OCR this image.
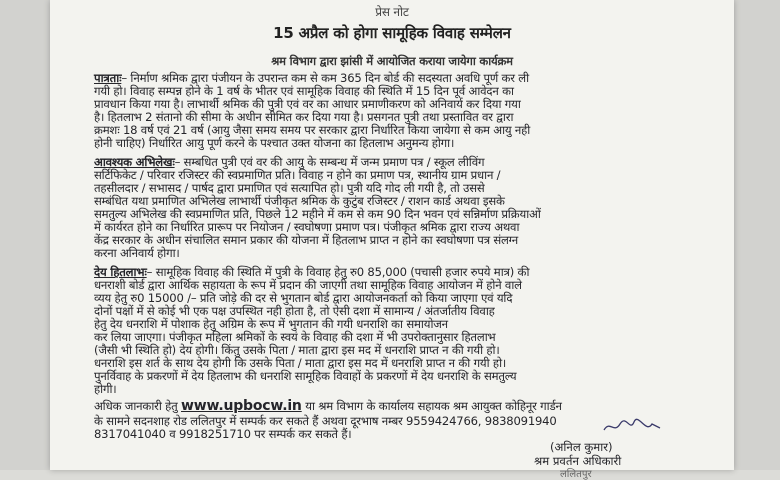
प्रेस नोट
15 अप्रैल को होगा सामूहिक विवाह सम्मेलन
श्रम विभाग द्वारा झांसी में आयोजित कराया जायेगा कार्यक्रम
पात्रताः– निर्माण श्रमिक द्वारा पंजीयन के उपरान्त कम से कम 365 दिन बोर्ड की सदस्यता अवधि पूर्ण कर ली
गयी हो। विवाह सम्पन्न होने के 1 वर्ष के भीतर एवं सामूहिक विवाह की स्थिति में 15 दिन पूर्व आवेदन का
प्रावधान किया गया है। लाभार्थी श्रमिक की पुत्री एवं वर का आधार प्रमाणीकरण को अनिवार्य कर दिया गया
है। हितलाभ 2 संतानो की सीमा के अधीन सीमित कर दिया गया है। प्रसगनत पुत्री तथा प्रस्तावित वर द्वारा
क्रमशः 18 वर्ष एवं 21 वर्ष (आयु जैसा समय समय पर सरकार द्वारा निर्धारित किया जायेगा से कम आयु नही
होनी चाहिए) निर्धारित आयु पूर्ण करने के पश्चात उक्त योजना का हितलाभ अनुमन्य होगा।
आवश्यक अभिलेखः– सम्बधित पुत्री एवं वर की आयु के सम्बन्ध में जन्म प्रमाण पत्र / स्कूल लीविंग
सर्टिफिकेट / परिवार रजिस्टर की स्वप्रमाणित प्रति। विवाह न होने का प्रमाण पत्र, स्थानीय ग्राम प्रधान /
तहसीलदार / सभासद / पार्षद द्वारा प्रमाणित एवं सत्यापित हो। पुत्री यदि गोद ली गयी है, तो उससे
सम्बंधित यथा प्रमाणित अभिलेख लाभार्थी पंजीकृत श्रमिक के कुटुंब रजिस्टर / राशन कार्ड अथवा इसके
समतुल्य अभिलेख की स्वप्रमाणित प्रति, पिछले 12 महीने में कम से कम 90 दिन भवन एवं सन्निर्माण प्रक्रियाओं
में कार्यरत होने का निर्धारित प्रारूप पर नियोजन / स्वघोषणा प्रमाण पत्र। पंजीकृत श्रमिक द्वारा राज्य अथवा
केंद्र सरकार के अधीन संचालित समान प्रकार की योजना में हितलाभ प्राप्त न होने का स्वघोषणा पत्र संलग्न
करना अनिवार्य होगा।
देय हितलाभः– सामूहिक विवाह की स्थिति में पुत्री के विवाह हेतु रु0 85,000 (पचासी हजार रुपये मात्र) की
धनराशी बोर्ड द्वारा आर्थिक सहायता के रूप में प्रदान की जाएगी तथा सामूहिक विवाह आयोजन में होने वाले
व्यय हेतु रु0 15000 /– प्रति जोड़े की दर से भुगतान बोर्ड द्वारा आयोजनकर्ता को किया जाएगा एवं यदि
दोनों पक्षों में से कोई भी एक पक्ष उपस्थित नही होता है, तो ऐसी दशा में सामान्य / अंतर्जातीय विवाह
हेतु देय धनराशि में पोशाक हेतु अग्रिम के रूप में भुगतान की गयी धनराशि का समायोजन
कर लिया जाएगा। पंजीकृत महिला श्रमिकों के स्वयं के विवाह की दशा में भी उपरोक्तानुसार हितलाभ
(जैसी भी स्थिति हो) देय होगी। किंतु उसके पिता / माता द्वारा इस मद में धनराशि प्राप्त न की गयी हो।
धनराशि इस शर्त के साथ देय होगी कि उसके पिता / माता द्वारा इस मद में धनराशि प्राप्त न की गयी हो।
पुनर्विवाह के प्रकरणों में देय हितलाभ की धनराशि सामूहिक विवाहों के प्रकरणों में देय धनराशि के समतुल्य
होगी।
अधिक जानकारी हेतु www.upbocw.in या श्रम विभाग के कार्यालय सहायक श्रम आयुक्त कोहिनूर गार्डन
के सामने सदनशाह रोड ललितपुर में सम्पर्क कर सकते हैं अथवा दूरभाष नम्बर 9559424766, 9838091940
8317041040 व 9918251710 पर सम्पर्क कर सकते हैं।
(अनिल कुमार)
श्रम प्रवर्तन अधिकारी
ललितपुर
